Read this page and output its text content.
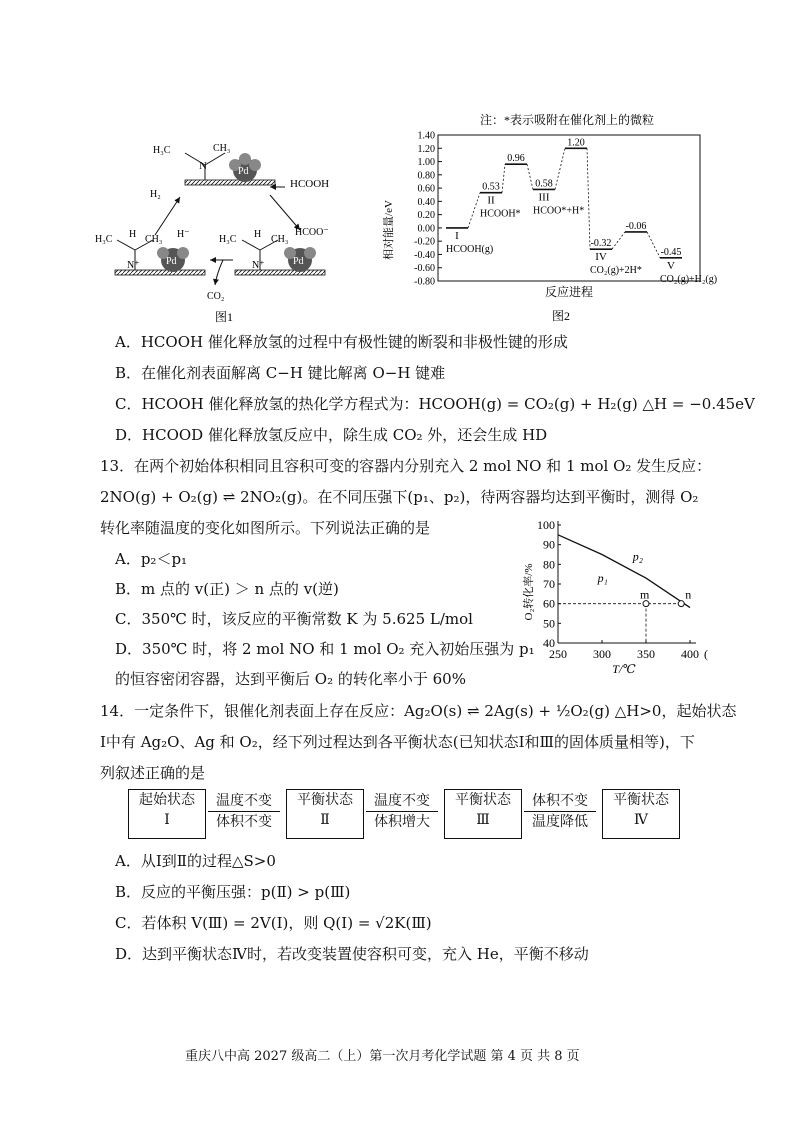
H₃C	CH₃
N	Pd
HCOOH
H₂
H₃C H CH₃
N⁺	Pd
H⁻	H₃C H CH₃
N⁺	Pd
HCOO⁻
CO₂
图1
注：*表示吸附在催化剂上的微粒
相对能量/eV
1.40
1.20
1.00
0.80
0.60
0.40
0.20
0.00
-0.20
-0.40
-0.60
-0.80
I
HCOOH(g)
II
HCOOH*
III
HCOO*+H*
IV
CO₂(g)+2H* V
CO₂(g)+H₂(g)
0.53
0.96
0.58
1.20
-0.32
-0.06
-0.45
反应进程
图2
A．HCOOH 催化释放氢的过程中有极性键的断裂和非极性键的形成
B．在催化剂表面解离 C−H 键比解离 O−H 键难
C．HCOOH 催化释放氢的热化学方程式为：HCOOH(g) = CO₂(g) + H₂(g) △H = −0.45eV
D．HCOOD 催化释放氢反应中，除生成 CO₂ 外，还会生成 HD
13．在两个初始体积相同且容积可变的容器内分别充入 2 mol NO 和 1 mol O₂ 发生反应：
2NO(g) + O₂(g) ⇌ 2NO₂(g)。在不同压强下(p₁、p₂)，待两容器均达到平衡时，测得 O₂
转化率随温度的变化如图所示。下列说法正确的是
A．p₂＜p₁
B．m 点的 v(正) ＞ n 点的 v(逆)
C．350℃ 时，该反应的平衡常数 K 为 5.625 L/mol
D．350℃ 时，将 2 mol NO 和 1 mol O₂ 充入初始压强为 p₁
的恒容密闭容器，达到平衡后 O₂ 的转化率小于 60%
O₂转化率/%
100
90
80
70
60
50
40
250 300 350 400
T/℃
(
m	n
p₂
p₁
14．一定条件下，银催化剂表面上存在反应：Ag₂O(s) ⇌ 2Ag(s) + ½O₂(g) △H>0，起始状态
Ⅰ中有 Ag₂O、Ag 和 O₂，经下列过程达到各平衡状态(已知状态Ⅰ和Ⅲ的固体质量相等)，下
列叙述正确的是
起始状态
Ⅰ
温度不变
体积不变
平衡状态
Ⅱ
温度不变
体积增大
平衡状态
Ⅲ
体积不变
温度降低
平衡状态
Ⅳ
A．从Ⅰ到Ⅱ的过程△S>0
B．反应的平衡压强：p(Ⅱ) > p(Ⅲ)
C．若体积 V(Ⅲ) = 2V(Ⅰ)，则 Q(Ⅰ) = √2K(Ⅲ)
D．达到平衡状态Ⅳ时，若改变装置使容积可变，充入 He，平衡不移动
重庆八中高 2027 级高二（上）第一次月考化学试题 第 4 页 共 8 页
